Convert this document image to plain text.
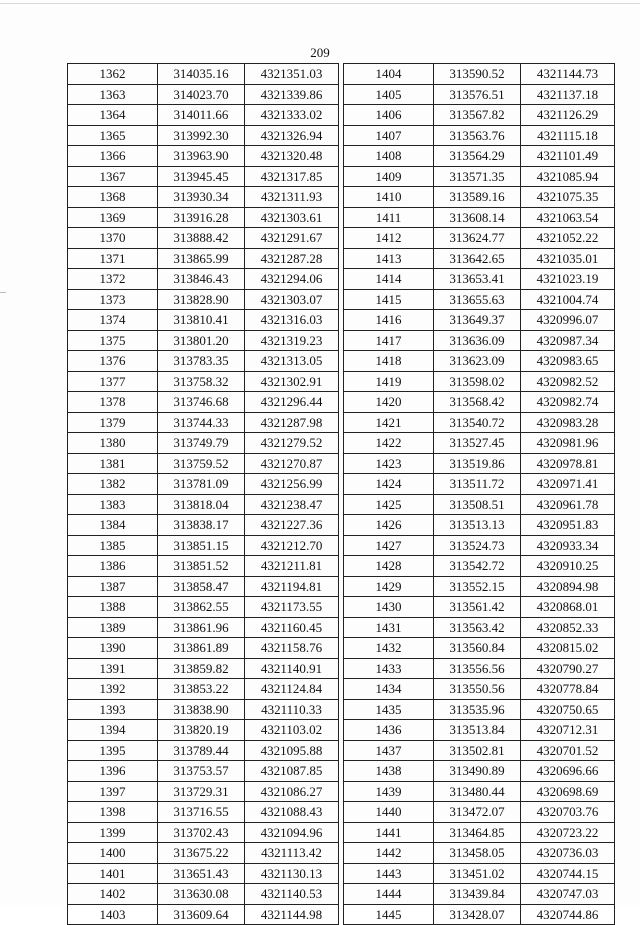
209
1362	314035.16	4321351.03
1363	314023.70	4321339.86
1364	314011.66	4321333.02
1365	313992.30	4321326.94
1366	313963.90	4321320.48
1367	313945.45	4321317.85
1368	313930.34	4321311.93
1369	313916.28	4321303.61
1370	313888.42	4321291.67
1371	313865.99	4321287.28
1372	313846.43	4321294.06
1373	313828.90	4321303.07
1374	313810.41	4321316.03
1375	313801.20	4321319.23
1376	313783.35	4321313.05
1377	313758.32	4321302.91
1378	313746.68	4321296.44
1379	313744.33	4321287.98
1380	313749.79	4321279.52
1381	313759.52	4321270.87
1382	313781.09	4321256.99
1383	313818.04	4321238.47
1384	313838.17	4321227.36
1385	313851.15	4321212.70
1386	313851.52	4321211.81
1387	313858.47	4321194.81
1388	313862.55	4321173.55
1389	313861.96	4321160.45
1390	313861.89	4321158.76
1391	313859.82	4321140.91
1392	313853.22	4321124.84
1393	313838.90	4321110.33
1394	313820.19	4321103.02
1395	313789.44	4321095.88
1396	313753.57	4321087.85
1397	313729.31	4321086.27
1398	313716.55	4321088.43
1399	313702.43	4321094.96
1400	313675.22	4321113.42
1401	313651.43	4321130.13
1402	313630.08	4321140.53
1403	313609.64	4321144.98
1404	313590.52	4321144.73
1405	313576.51	4321137.18
1406	313567.82	4321126.29
1407	313563.76	4321115.18
1408	313564.29	4321101.49
1409	313571.35	4321085.94
1410	313589.16	4321075.35
1411	313608.14	4321063.54
1412	313624.77	4321052.22
1413	313642.65	4321035.01
1414	313653.41	4321023.19
1415	313655.63	4321004.74
1416	313649.37	4320996.07
1417	313636.09	4320987.34
1418	313623.09	4320983.65
1419	313598.02	4320982.52
1420	313568.42	4320982.74
1421	313540.72	4320983.28
1422	313527.45	4320981.96
1423	313519.86	4320978.81
1424	313511.72	4320971.41
1425	313508.51	4320961.78
1426	313513.13	4320951.83
1427	313524.73	4320933.34
1428	313542.72	4320910.25
1429	313552.15	4320894.98
1430	313561.42	4320868.01
1431	313563.42	4320852.33
1432	313560.84	4320815.02
1433	313556.56	4320790.27
1434	313550.56	4320778.84
1435	313535.96	4320750.65
1436	313513.84	4320712.31
1437	313502.81	4320701.52
1438	313490.89	4320696.66
1439	313480.44	4320698.69
1440	313472.07	4320703.76
1441	313464.85	4320723.22
1442	313458.05	4320736.03
1443	313451.02	4320744.15
1444	313439.84	4320747.03
1445	313428.07	4320744.86
